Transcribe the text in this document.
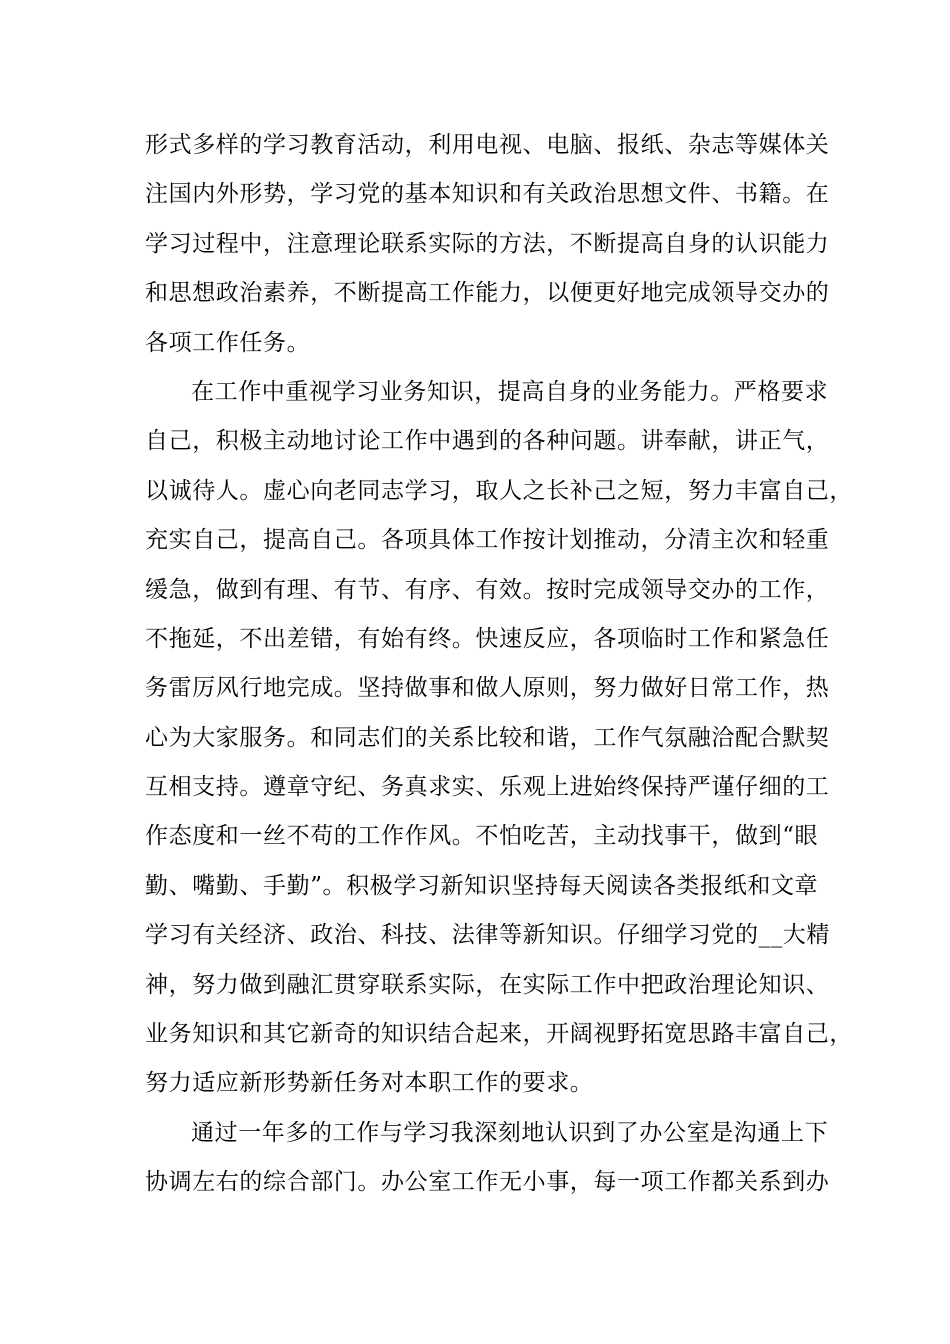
形式多样的学习教育活动，利用电视、电脑、报纸、杂志等媒体关
注国内外形势，学习党的基本知识和有关政治思想文件、书籍。在
学习过程中，注意理论联系实际的方法，不断提高自身的认识能力
和思想政治素养，不断提高工作能力，以便更好地完成领导交办的
各项工作任务。
在工作中重视学习业务知识，提高自身的业务能力。严格要求
自己，积极主动地讨论工作中遇到的各种问题。讲奉献，讲正气，
以诚待人。虚心向老同志学习，取人之长补己之短，努力丰富自己，
充实自己，提高自己。各项具体工作按计划推动，分清主次和轻重
缓急，做到有理、有节、有序、有效。按时完成领导交办的工作，
不拖延，不出差错，有始有终。快速反应，各项临时工作和紧急任
务雷厉风行地完成。坚持做事和做人原则，努力做好日常工作，热
心为大家服务。和同志们的关系比较和谐，工作气氛融洽配合默契
互相支持。遵章守纪、务真求实、乐观上进始终保持严谨仔细的工
作态度和一丝不苟的工作作风。不怕吃苦，主动找事干，做到“眼
勤、嘴勤、手勤”。积极学习新知识坚持每天阅读各类报纸和文章
学习有关经济、政治、科技、法律等新知识。仔细学习党的__大精
神，努力做到融汇贯穿联系实际，在实际工作中把政治理论知识、
业务知识和其它新奇的知识结合起来，开阔视野拓宽思路丰富自己，
努力适应新形势新任务对本职工作的要求。
通过一年多的工作与学习我深刻地认识到了办公室是沟通上下
协调左右的综合部门。办公室工作无小事，每一项工作都关系到办
